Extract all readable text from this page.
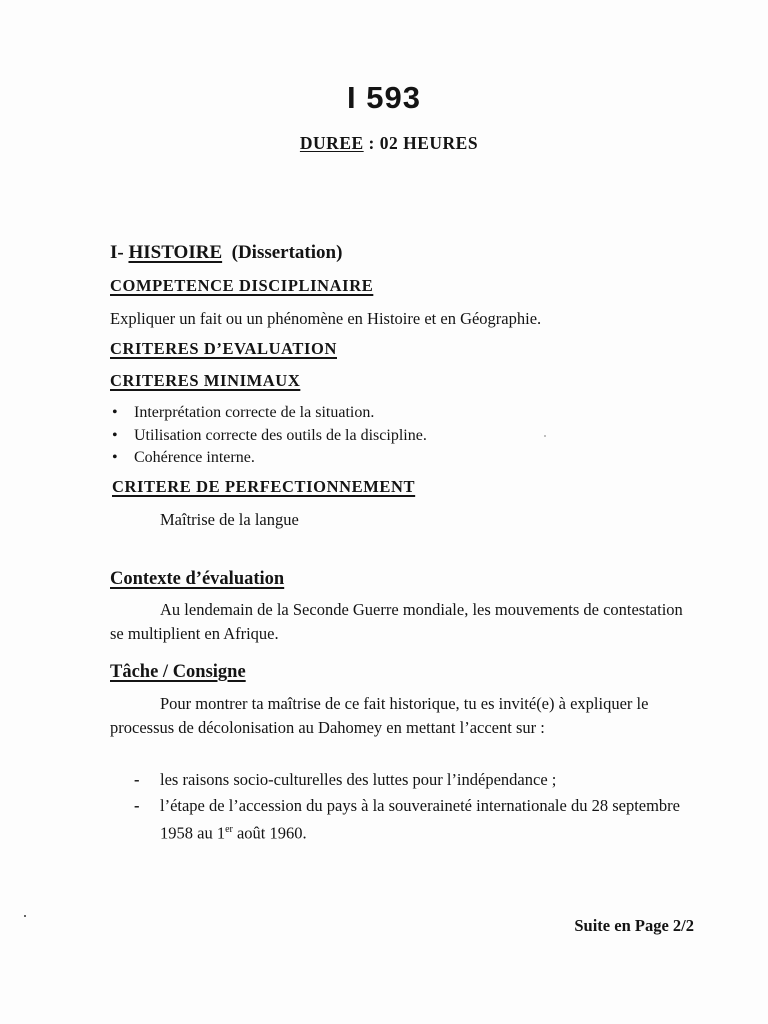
I 593
DUREE : 02 HEURES
I- HISTOIRE (Dissertation)
COMPETENCE DISCIPLINAIRE
Expliquer un fait ou un phénomène en Histoire et en Géographie.
CRITERES D’EVALUATION
CRITERES MINIMAUX
• Interprétation correcte de la situation.
• Utilisation correcte des outils de la discipline.
• Cohérence interne.
CRITERE DE PERFECTIONNEMENT
Maîtrise de la langue
Contexte d’évaluation
Au lendemain de la Seconde Guerre mondiale, les mouvements de contestation se multiplient en Afrique.
Tâche / Consigne
Pour montrer ta maîtrise de ce fait historique, tu es invité(e) à expliquer le processus de décolonisation au Dahomey en mettant l’accent sur :
- les raisons socio-culturelles des luttes pour l’indépendance ;
- l’étape de l’accession du pays à la souveraineté internationale du 28 septembre 1958 au 1er août 1960.
Suite en Page 2/2
